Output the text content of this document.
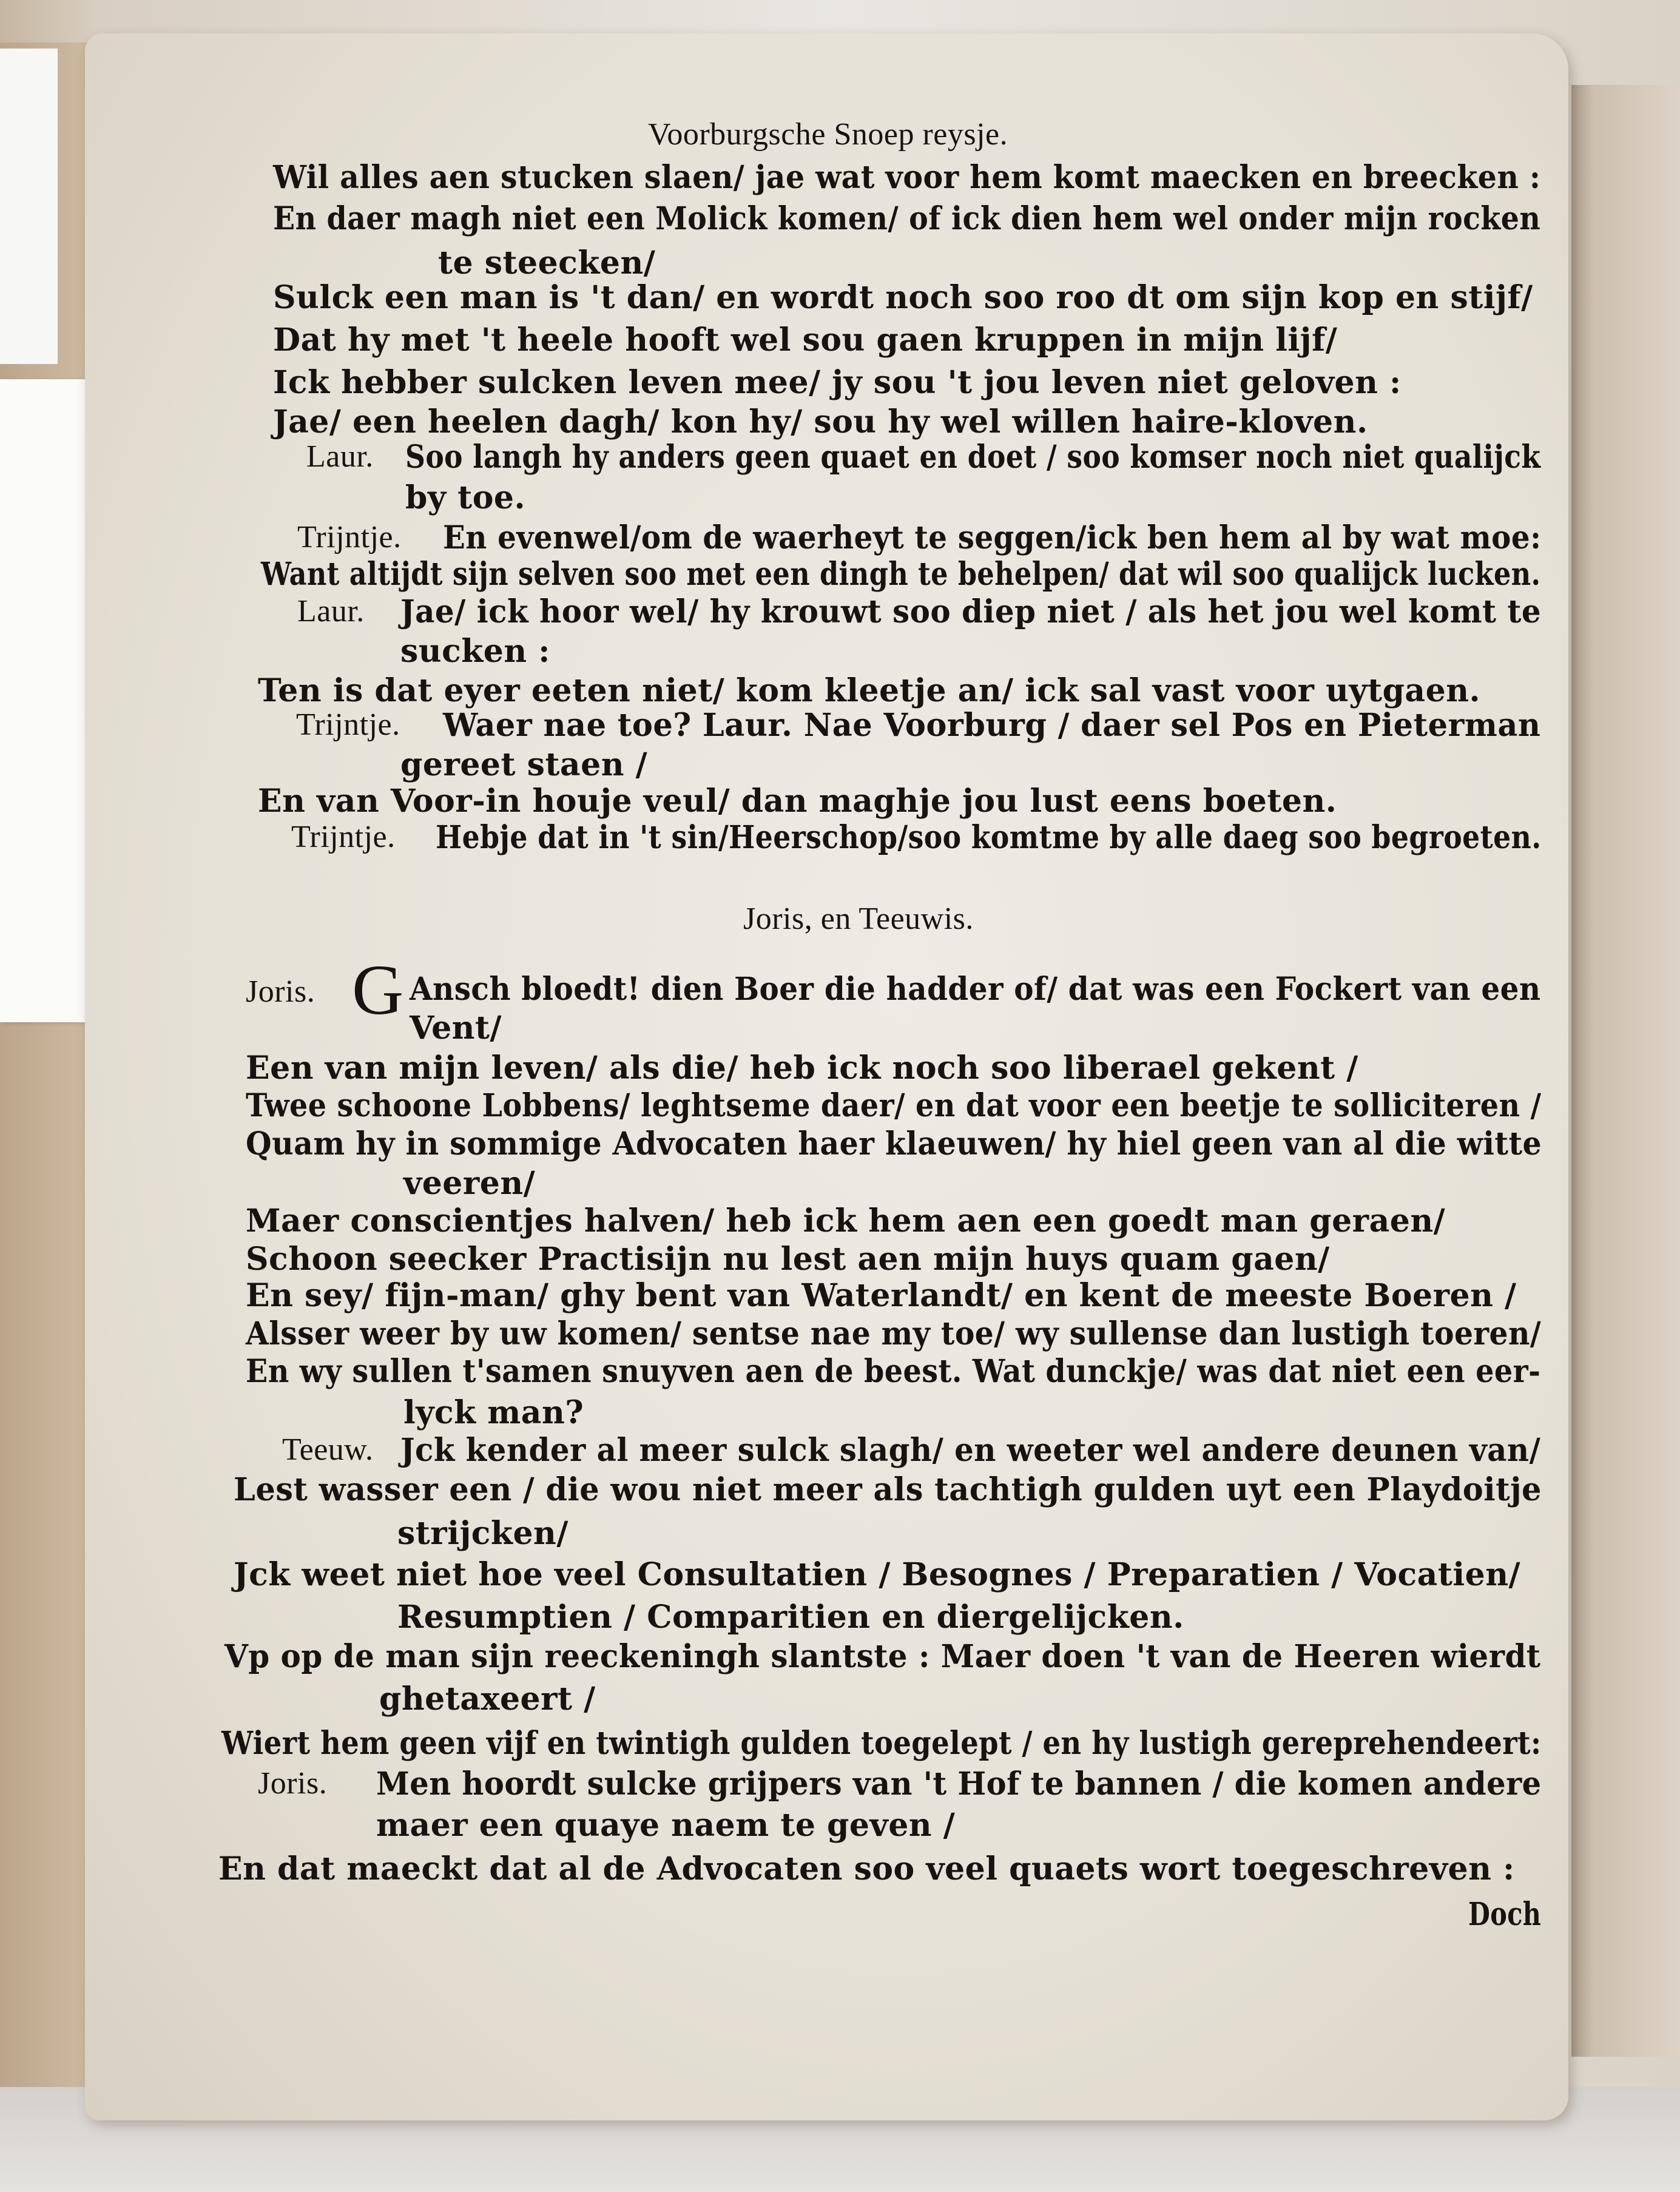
Voorburgsche Snoep reysje.
Wil alles aen stucken slaen/ jae wat voor hem komt maecken en breecken :
En daer magh niet een Molick komen/ of ick dien hem wel onder mijn rocken
te steecken/
Sulck een man is 't dan/ en wordt noch soo roo dt om sijn kop en stijf/
Dat hy met 't heele hooft wel sou gaen kruppen in mijn lijf/
Ick hebber sulcken leven mee/ jy sou 't jou leven niet geloven :
Jae/ een heelen dagh/ kon hy/ sou hy wel willen haire-kloven.
Laur. Soo langh hy anders geen quaet en doet / soo komser noch niet qualijck
by toe.
Trijntje. En evenwel/om de waerheyt te seggen/ick ben hem al by wat moe:
Want altijdt sijn selven soo met een dingh te behelpen/ dat wil soo qualijck lucken.
Laur. Jae/ ick hoor wel/ hy krouwt soo diep niet / als het jou wel komt te
sucken :
Ten is dat eyer eeten niet/ kom kleetje an/ ick sal vast voor uytgaen.
Trijntje. Waer nae toe? Laur. Nae Voorburg / daer sel Pos en Pieterman
gereet staen /
En van Voor-in houje veul/ dan maghje jou lust eens boeten.
Trijntje. Hebje dat in 't sin/Heerschop/soo komtme by alle daeg soo begroeten.
Joris, en Teeuwis.
Joris. G Ansch bloedt! dien Boer die hadder of/ dat was een Fockert van een
Vent/
Een van mijn leven/ als die/ heb ick noch soo liberael gekent /
Twee schoone Lobbens/ leghtseme daer/ en dat voor een beetje te solliciteren /
Quam hy in sommige Advocaten haer klaeuwen/ hy hiel geen van al die witte
veeren/
Maer conscientjes halven/ heb ick hem aen een goedt man geraen/
Schoon seecker Practisijn nu lest aen mijn huys quam gaen/
En sey/ fijn-man/ ghy bent van Waterlandt/ en kent de meeste Boeren /
Alsser weer by uw komen/ sentse nae my toe/ wy sullense dan lustigh toeren/
En wy sullen t'samen snuyven aen de beest. Wat dunckje/ was dat niet een eer-
lyck man?
Teeuw. Jck kender al meer sulck slagh/ en weeter wel andere deunen van/
Lest wasser een / die wou niet meer als tachtigh gulden uyt een Playdoitje
strijcken/
Jck weet niet hoe veel Consultatien / Besognes / Preparatien / Vocatien/
Resumptien / Comparitien en diergelijcken.
Vp op de man sijn reeckeningh slantste : Maer doen 't van de Heeren wierdt
ghetaxeert /
Wiert hem geen vijf en twintigh gulden toegelept / en hy lustigh gereprehendeert:
Joris. Men hoordt sulcke grijpers van 't Hof te bannen / die komen andere
maer een quaye naem te geven /
En dat maeckt dat al de Advocaten soo veel quaets wort toegeschreven :
Doch
